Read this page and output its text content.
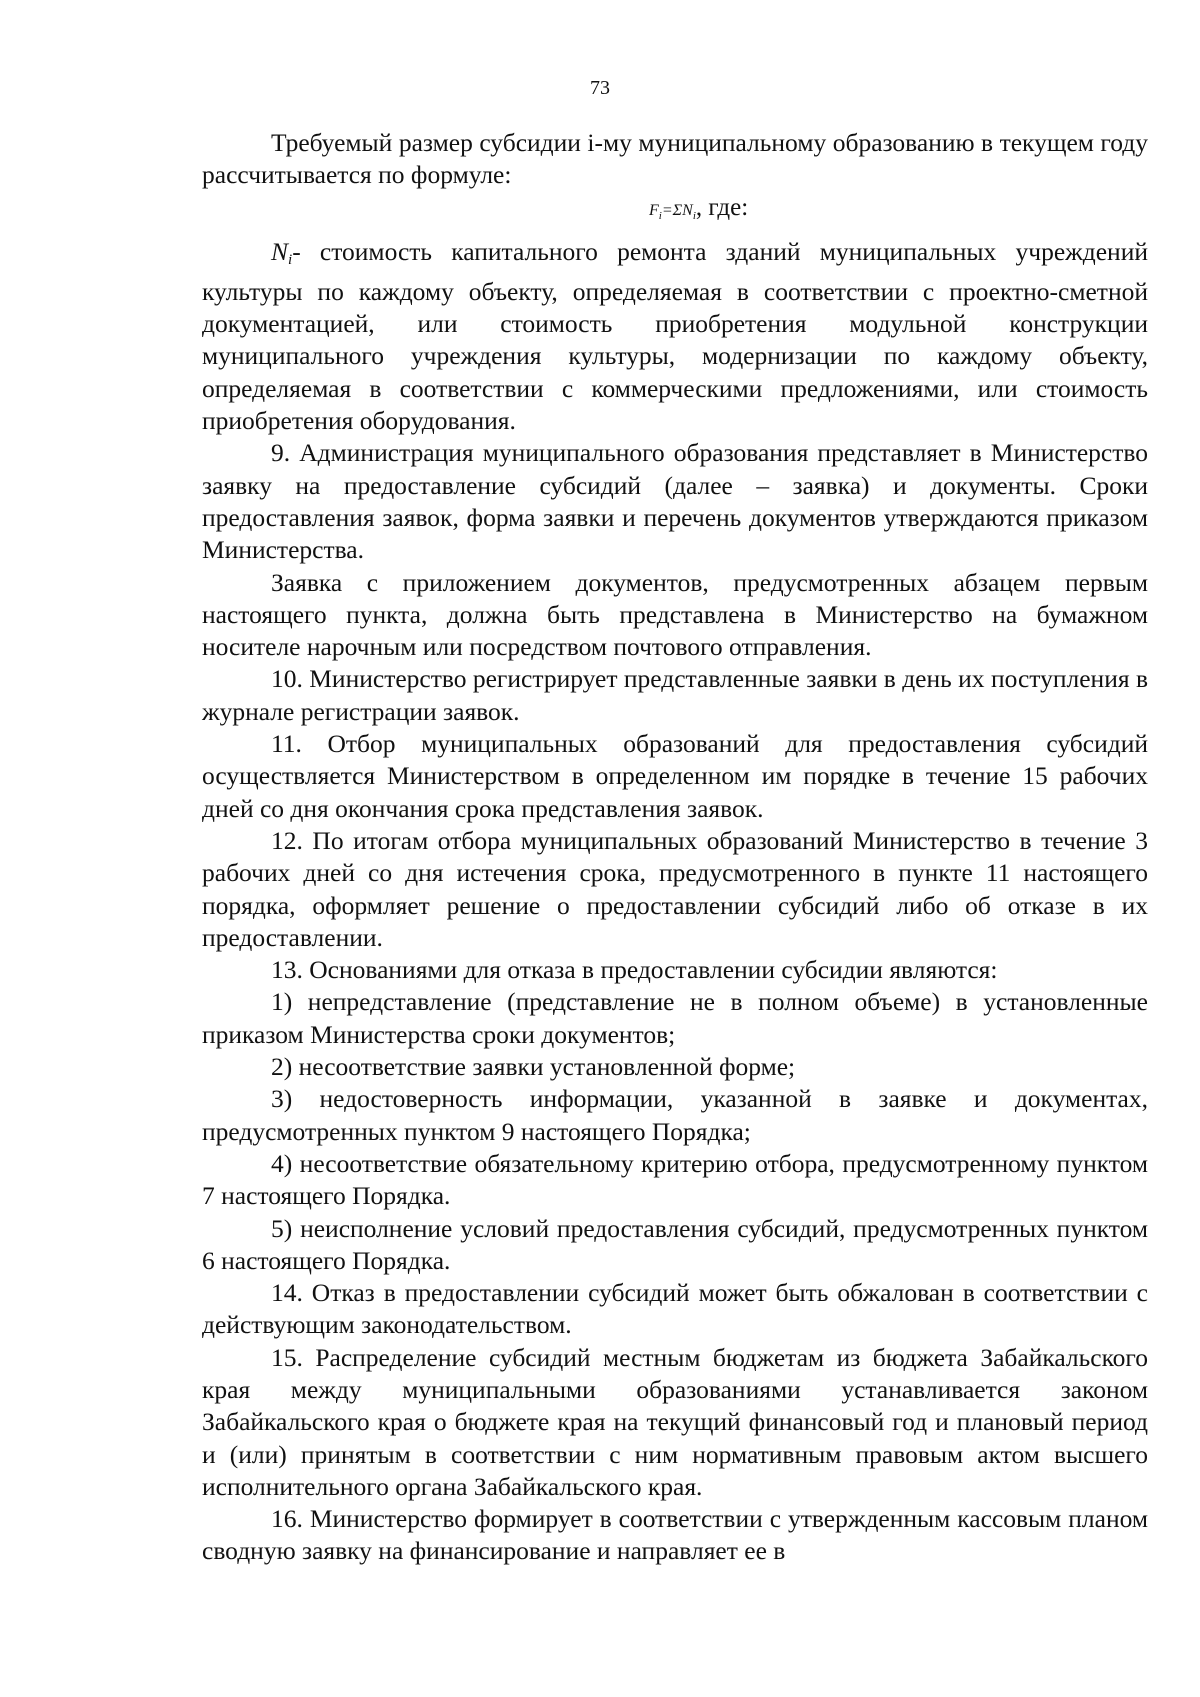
73

Требуемый размер субсидии i-му муниципальному образованию в текущем году рассчитывается по формуле:

$F_i=\Sigma N_i$, где:

$N_i-$ стоимость капитального ремонта зданий муниципальных учреждений культуры по каждому объекту, определяемая в соответствии с проектно-сметной документацией, или стоимость приобретения модульной конструкции муниципального учреждения культуры, модернизации по каждому объекту, определяемая в соответствии с коммерческими предложениями, или стоимость приобретения оборудования.

9. Администрация муниципального образования представляет в Министерство заявку на предоставление субсидий (далее – заявка) и документы. Сроки предоставления заявок, форма заявки и перечень документов утверждаются приказом Министерства.

Заявка с приложением документов, предусмотренных абзацем первым настоящего пункта, должна быть представлена в Министерство на бумажном носителе нарочным или посредством почтового отправления.

10. Министерство регистрирует представленные заявки в день их поступления в журнале регистрации заявок.

11. Отбор муниципальных образований для предоставления субсидий осуществляется Министерством в определенном им порядке в течение 15 рабочих дней со дня окончания срока представления заявок.

12. По итогам отбора муниципальных образований Министерство в течение 3 рабочих дней со дня истечения срока, предусмотренного в пункте 11 настоящего порядка, оформляет решение о предоставлении субсидий либо об отказе в их предоставлении.

13. Основаниями для отказа в предоставлении субсидии являются:

1) непредставление (представление не в полном объеме) в установленные приказом Министерства сроки документов;

2) несоответствие заявки установленной форме;

3) недостоверность информации, указанной в заявке и документах, предусмотренных пунктом 9 настоящего Порядка;

4) несоответствие обязательному критерию отбора, предусмотренному пунктом 7 настоящего Порядка.

5) неисполнение условий предоставления субсидий, предусмотренных пунктом 6 настоящего Порядка.

14. Отказ в предоставлении субсидий может быть обжалован в соответствии с действующим законодательством.

15. Распределение субсидий местным бюджетам из бюджета Забайкальского края между муниципальными образованиями устанавливается законом Забайкальского края о бюджете края на текущий финансовый год и плановый период и (или) принятым в соответствии с ним нормативным правовым актом высшего исполнительного органа Забайкальского края.

16. Министерство формирует в соответствии с утвержденным кассовым планом сводную заявку на финансирование и направляет ее в
